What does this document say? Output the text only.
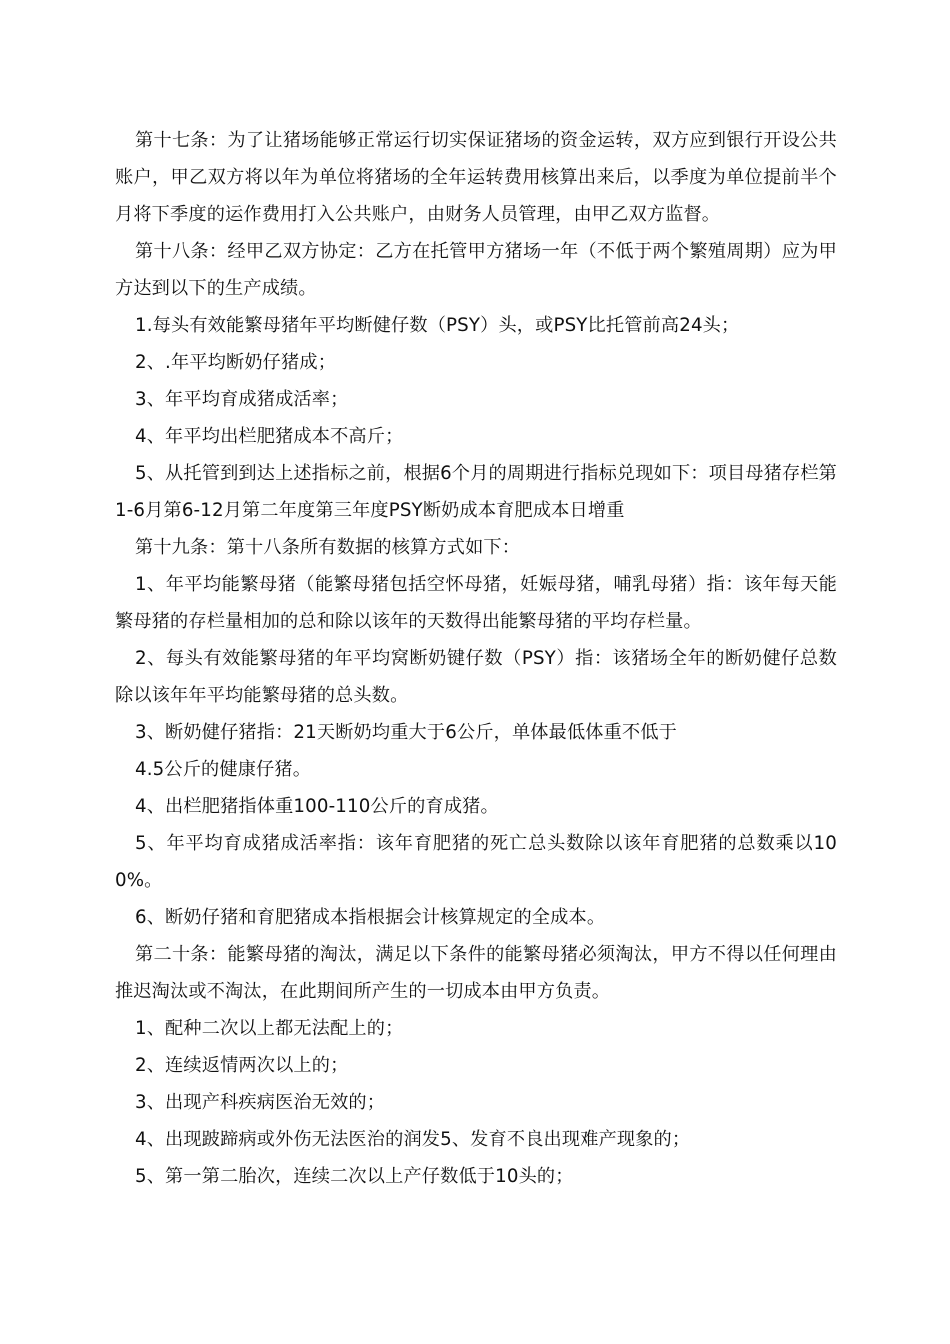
第十七条：为了让猪场能够正常运行切实保证猪场的资金运转，双方应到银行开设公共账户，甲乙双方将以年为单位将猪场的全年运转费用核算出来后，以季度为单位提前半个月将下季度的运作费用打入公共账户，由财务人员管理，由甲乙双方监督。

第十八条：经甲乙双方协定：乙方在托管甲方猪场一年（不低于两个繁殖周期）应为甲方达到以下的生产成绩。

1.每头有效能繁母猪年平均断健仔数（PSY）头，或PSY比托管前高24头；

2、.年平均断奶仔猪成；

3、年平均育成猪成活率；

4、年平均出栏肥猪成本不高斤；

5、从托管到到达上述指标之前，根据6个月的周期进行指标兑现如下：项目母猪存栏第1-6月第6-12月第二年度第三年度PSY断奶成本育肥成本日增重

第十九条：第十八条所有数据的核算方式如下：

1、年平均能繁母猪（能繁母猪包括空怀母猪，妊娠母猪，哺乳母猪）指：该年每天能繁母猪的存栏量相加的总和除以该年的天数得出能繁母猪的平均存栏量。

2、每头有效能繁母猪的年平均窝断奶键仔数（PSY）指：该猪场全年的断奶健仔总数除以该年年平均能繁母猪的总头数。

3、断奶健仔猪指：21天断奶均重大于6公斤，单体最低体重不低于

4.5公斤的健康仔猪。

4、出栏肥猪指体重100-110公斤的育成猪。

5、年平均育成猪成活率指：该年育肥猪的死亡总头数除以该年育肥猪的总数乘以100%。

6、断奶仔猪和育肥猪成本指根据会计核算规定的全成本。

第二十条：能繁母猪的淘汰，满足以下条件的能繁母猪必须淘汰，甲方不得以任何理由推迟淘汰或不淘汰，在此期间所产生的一切成本由甲方负责。

1、配种二次以上都无法配上的；

2、连续返情两次以上的；

3、出现产科疾病医治无效的；

4、出现跛蹄病或外伤无法医治的润发5、发育不良出现难产现象的；

5、第一第二胎次，连续二次以上产仔数低于10头的；
